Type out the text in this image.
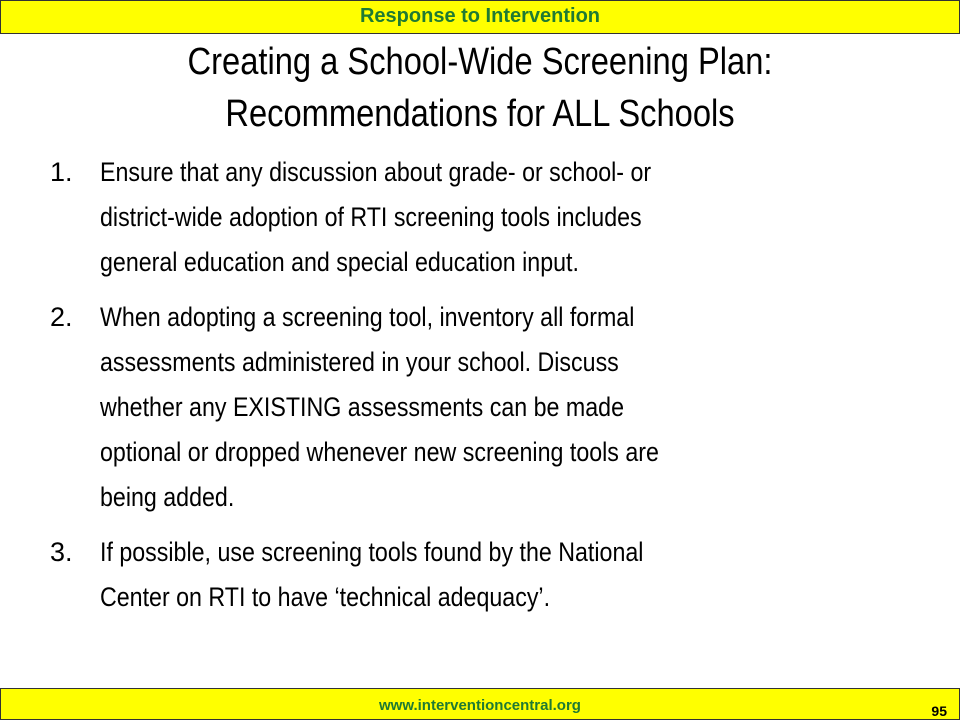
Response to Intervention
Creating a School-Wide Screening Plan:
Recommendations for ALL Schools
1.	Ensure that any discussion about grade- or school- or
district-wide adoption of RTI screening tools includes
general education and special education input.
2.	When adopting a screening tool, inventory all formal
assessments administered in your school. Discuss
whether any EXISTING assessments can be made
optional or dropped whenever new screening tools are
being added.
3.	If possible, use screening tools found by the National
Center on RTI to have ‘technical adequacy’.
www.interventioncentral.org	95
